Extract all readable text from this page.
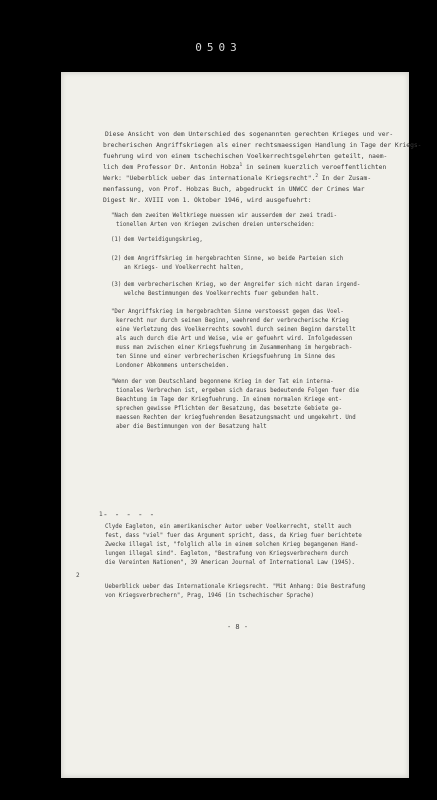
0503
Diese Ansicht von dem Unterschied des sogenannten gerechten Krieges und ver-
brecherischen Angriffskriegen als einer rechtsmaessigen Handlung in Tage der Kriegs-
fuehrung wird von einem tschechischen Voelkerrechtsgelehrten geteilt, naem-
lich dem Professor Dr. Antonin Hobza$^1$ in seinem kuerzlich veroeffentlichten
Werk: "Ueberblick ueber das internationale Kriegsrecht".$^2$ In der Zusam-
menfassung, von Prof. Hobzas Buch, abgedruckt in UNWCC der Crimes War
Digest Nr. XVIII vom 1. Oktober 1946, wird ausgefuehrt:
"Nach dem zweiten Weltkriege muessen wir ausserdem der zwei tradi-
tionellen Arten von Kriegen zwischen dreien unterscheiden:
(1) dem Verteidigungskrieg,
(2) dem Angriffskrieg im hergebrachten Sinne, wo beide Parteien sich
an Kriegs- und Voelkerrecht halten,
(3) dem verbrecherischen Krieg, wo der Angreifer sich nicht daran irgend-
welche Bestimmungen des Voelkerrechts fuer gebunden halt.
"Der Angriffskrieg im hergebrachten Sinne verstoesst gegen das Voel-
kerrecht nur durch seinen Beginn, waehrend der verbrecherische Krieg
eine Verletzung des Voelkerrechts sowohl durch seinen Beginn darstellt
als auch durch die Art und Weise, wie er gefuehrt wird. Infolgedessen
muss man zwischen einer Kriegsfuehrung im Zusammenhang im hergebrach-
ten Sinne und einer verbrecherischen Kriegsfuehrung im Sinne des
Londoner Abkommens unterscheiden.
"Wenn der vom Deutschland begonnene Krieg in der Tat ein interna-
tionales Verbrechen ist, ergeben sich daraus bedeutende Folgen fuer die
Beachtung im Tage der Kriegfuehrung. In einem normalen Kriege ent-
sprechen gewisse Pflichten der Besatzung, das besetzte Gebiete ge-
maessen Rechten der kriegfuehrenden Besatzungsmacht und umgekehrt. Und
aber die Bestimmungen von der Besatzung halt
- - - - -
1
Clyde Eagleton, ein amerikanischer Autor ueber Voelkerrecht, stellt auch
fest, dass "viel" fuer das Argument spricht, dass, da Krieg fuer berichtete
Zwecke illegal ist, "folglich alle in einem solchen Krieg begangenen Hand-
lungen illegal sind". Eagleton, "Bestrafung von Kriegsverbrechern durch
die Vereinten Nationen", 39 American Journal of International Law (1945).
2
Ueberblick ueber das Internationale Kriegsrecht. "Mit Anhang: Die Bestrafung
von Kriegsverbrechern", Prag, 1946 (in tschechischer Sprache)
- 8 -
